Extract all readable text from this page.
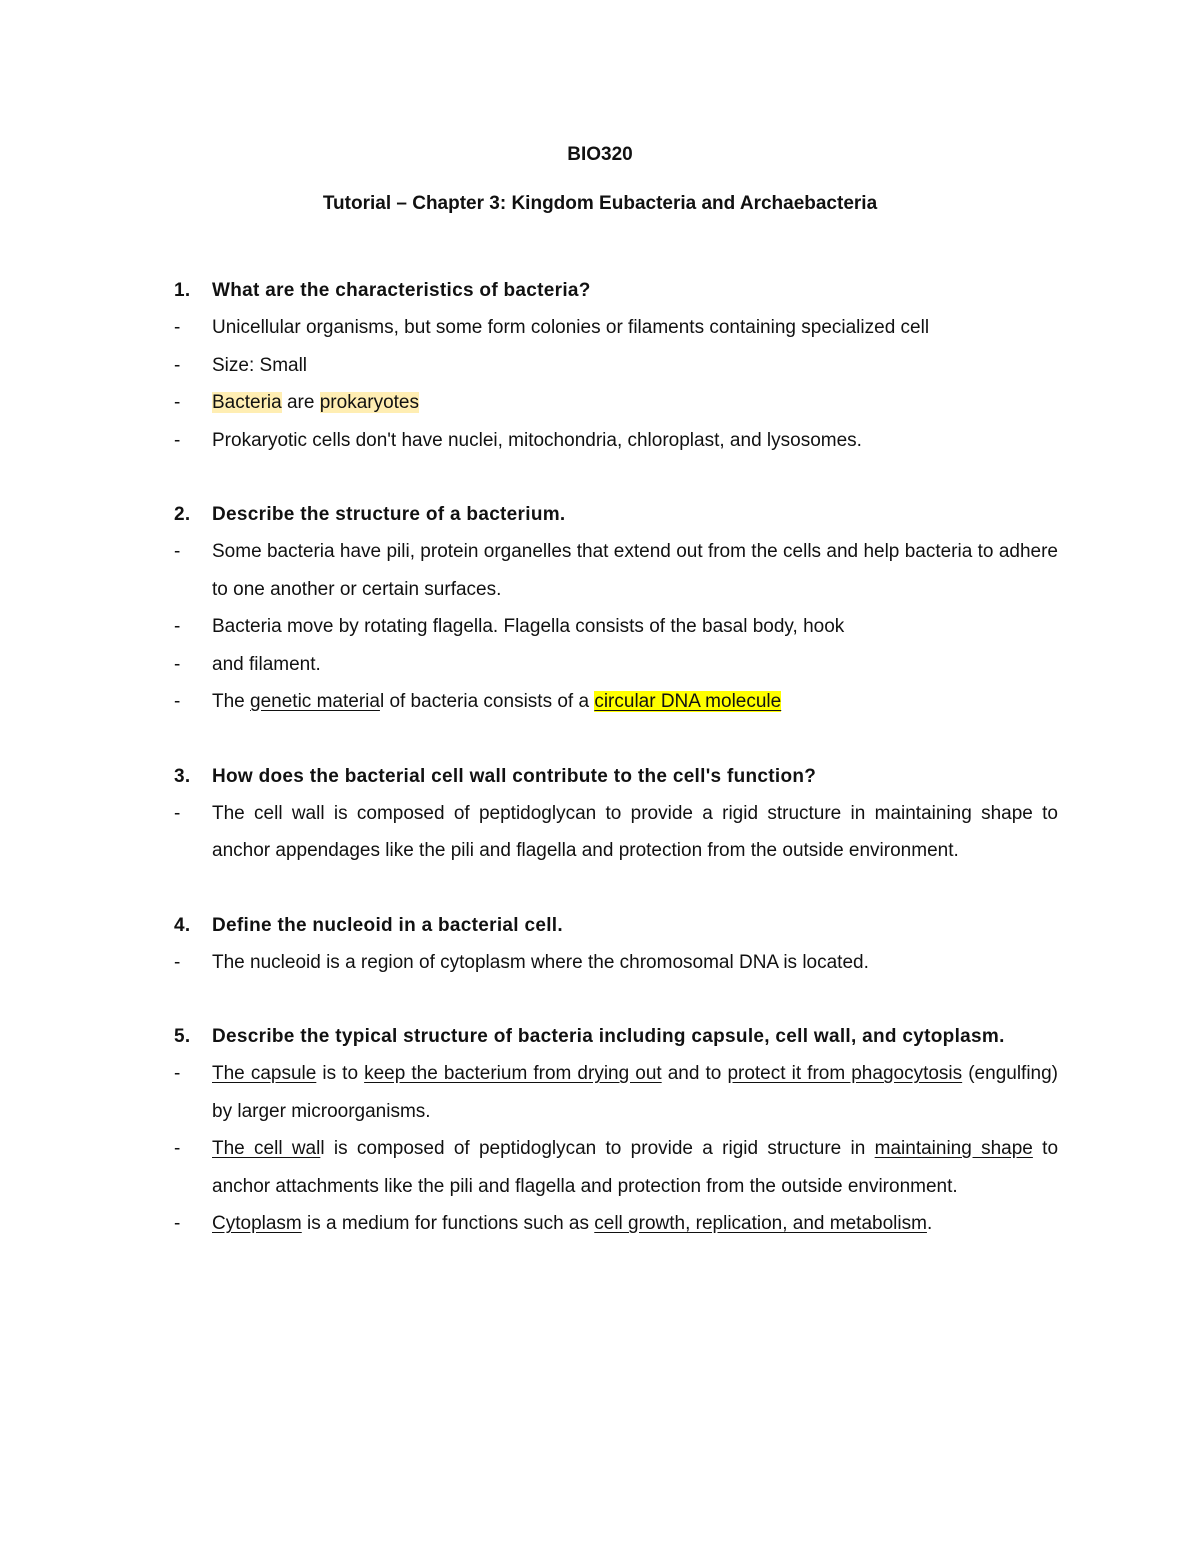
BIO320
Tutorial – Chapter 3: Kingdom Eubacteria and Archaebacteria
1. What are the characteristics of bacteria?
- Unicellular organisms, but some form colonies or filaments containing specialized cell
- Size: Small
- Bacteria are prokaryotes
- Prokaryotic cells don't have nuclei, mitochondria, chloroplast, and lysosomes.
2. Describe the structure of a bacterium.
- Some bacteria have pili, protein organelles that extend out from the cells and help bacteria to adhere to one another or certain surfaces.
- Bacteria move by rotating flagella. Flagella consists of the basal body, hook
- and filament.
- The genetic material of bacteria consists of a circular DNA molecule
3. How does the bacterial cell wall contribute to the cell's function?
- The cell wall is composed of peptidoglycan to provide a rigid structure in maintaining shape to anchor appendages like the pili and flagella and protection from the outside environment.
4. Define the nucleoid in a bacterial cell.
- The nucleoid is a region of cytoplasm where the chromosomal DNA is located.
5. Describe the typical structure of bacteria including capsule, cell wall, and cytoplasm.
- The capsule is to keep the bacterium from drying out and to protect it from phagocytosis (engulfing) by larger microorganisms.
- The cell wall is composed of peptidoglycan to provide a rigid structure in maintaining shape to anchor attachments like the pili and flagella and protection from the outside environment.
- Cytoplasm is a medium for functions such as cell growth, replication, and metabolism.
